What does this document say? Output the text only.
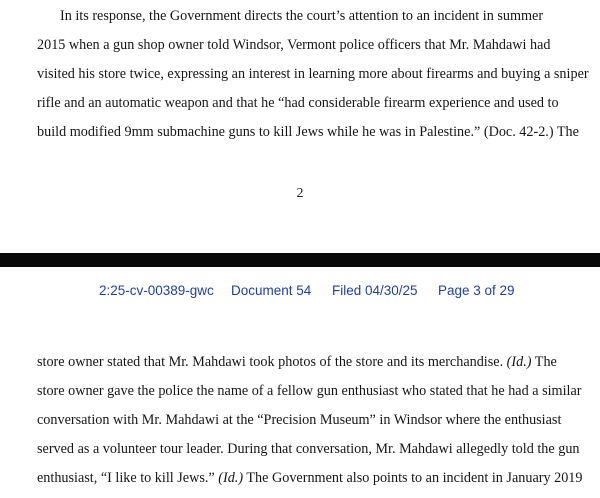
In its response, the Government directs the court’s attention to an incident in summer
2015 when a gun shop owner told Windsor, Vermont police officers that Mr. Mahdawi had
visited his store twice, expressing an interest in learning more about firearms and buying a sniper
rifle and an automatic weapon and that he “had considerable firearm experience and used to
build modified 9mm submachine guns to kill Jews while he was in Palestine.” (Doc. 42-2.) The
2
2:25-cv-00389-gwc Document 54 Filed 04/30/25 Page 3 of 29
store owner stated that Mr. Mahdawi took photos of the store and its merchandise. (Id.) The
store owner gave the police the name of a fellow gun enthusiast who stated that he had a similar
conversation with Mr. Mahdawi at the “Precision Museum” in Windsor where the enthusiast
served as a volunteer tour leader. During that conversation, Mr. Mahdawi allegedly told the gun
enthusiast, “I like to kill Jews.” (Id.) The Government also points to an incident in January 2019
